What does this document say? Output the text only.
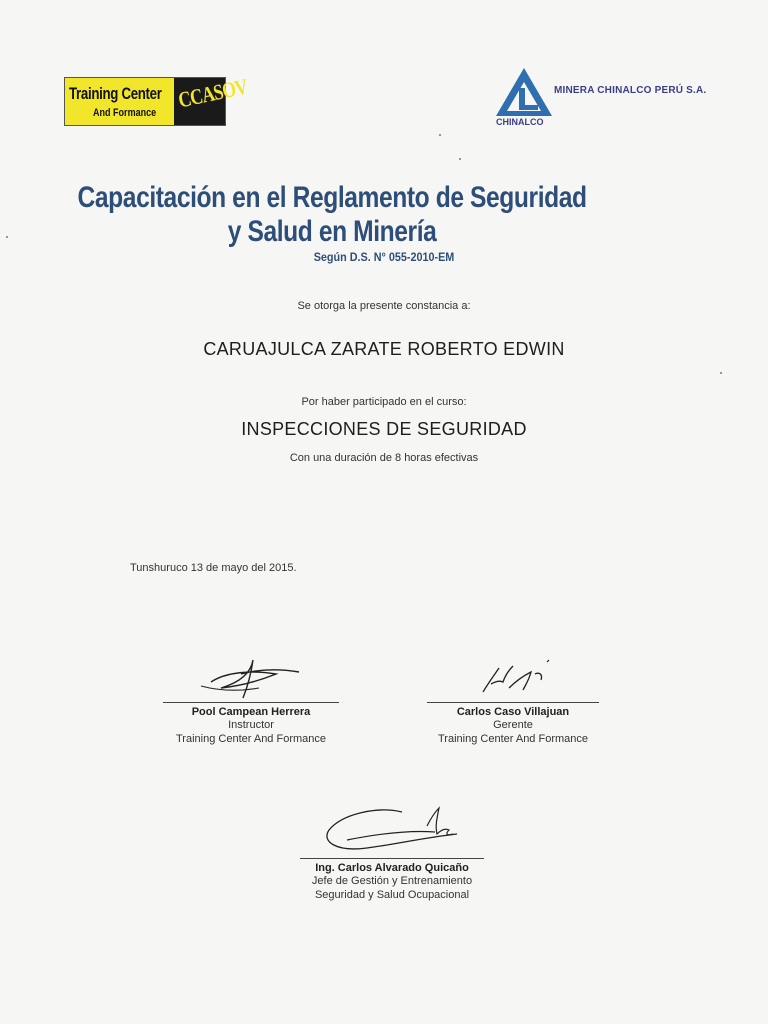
Training Center
And Formance
CCASOV	MINERA CHINALCO PERÚ S.A.
CHINALCO
Capacitación en el Reglamento de Seguridad
y Salud en Minería
Según D.S. N° 055-2010-EM
Se otorga la presente constancia a:
CARUAJULCA ZARATE ROBERTO EDWIN
Por haber participado en el curso:
INSPECCIONES DE SEGURIDAD
Con una duración de 8 horas efectivas
Tunshuruco 13 de mayo del 2015.
Pool Campean Herrera
Instructor
Training Center And Formance
Carlos Caso Villajuan
Gerente
Training Center And Formance
Ing. Carlos Alvarado Quicaño
Jefe de Gestión y Entrenamiento
Seguridad y Salud Ocupacional
